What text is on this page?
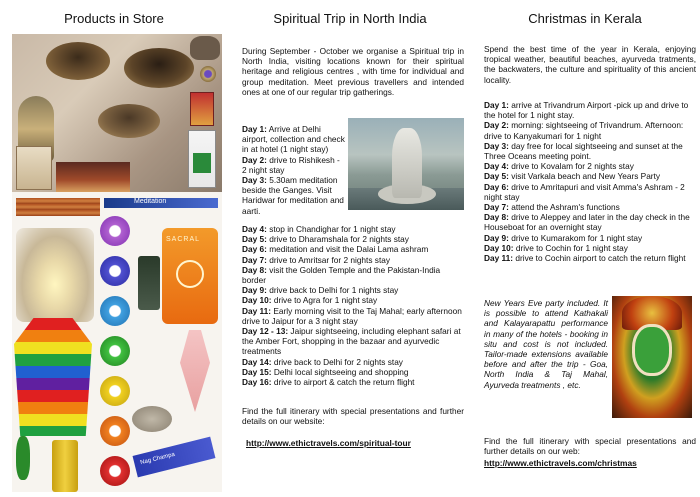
Products in Store
Meditation
SACRAL
Nag Champa
Spiritual Trip in North India
During September - October we organise a Spiritual trip in North India, visiting locations known for their spiritual heritage and religious centres , with time for individual and group meditation. Meet previous travellers and intended ones at one of our regular trip gatherings.
Day 1: Arrive at Delhi airport, collection and check in at hotel (1 night stay)
Day 2: drive to Rishikesh - 2 night stay
Day 3: 5.30am meditation beside the Ganges. Visit Haridwar for meditation and aarti.
Day 4: stop in Chandighar for 1 night stay
Day 5: drive to Dharamshala for 2 nights stay
Day 6: meditation and visit the Dalai Lama ashram
Day 7: drive to Amritsar for 2 nights stay
Day 8: visit the Golden Temple and the Pakistan-India border
Day 9: drive back to Delhi for 1 nights stay
Day 10: drive to Agra for 1 night stay
Day 11: Early morning visit to the Taj Mahal; early afternoon drive to Jaipur for a 3 night stay
Day 12 - 13: Jaipur sightseeing, including elephant safari at the Amber Fort, shopping in the bazaar and ayurvedic treatments
Day 14: drive back to Delhi for 2 nights stay
Day 15: Delhi local sightseeing and shopping
Day 16: drive to airport & catch the return flight
Find the full itinerary with special presentations and further details on our website:
http://www.ethictravels.com/spiritual-tour
Christmas in Kerala
Spend the best time of the year in Kerala, enjoying tropical weather, beautiful beaches, ayurveda tratments, the backwaters, the culture and spirituality of this ancient locality.
Day 1: arrive at Trivandrum Airport -pick up and drive to the hotel for 1 night stay.
Day 2: morning: sightseeing of Trivandrum. Afternoon: drive to Kanyakumari for 1 night
Day 3: day free for local sightseeing and sunset at the Three Oceans meeting point.
Day 4: drive to Kovalam for 2 nights stay
Day 5: visit Varkala beach and New Years Party
Day 6: drive to Amritapuri and visit Amma's Ashram - 2 night stay
Day 7: attend the Ashram's functions
Day 8: drive to Aleppey and later in the day check in the Houseboat for an overnight stay
Day 9: drive to Kumarakom for 1 night stay
Day 10: drive to Cochin for 1 night stay
Day 11: drive to Cochin airport to catch the return flight
New Years Eve party included. It is possible to attend Kathakali and Kalayarapattu performance in many of the hotels - booking in situ and cost is not included. Tailor-made extensions available before and after the trip - Goa, North India & Taj Mahal, Ayurveda treatments , etc.
Find the full itinerary with special presentations and further details on our web:
http://www.ethictravels.com/christmas
